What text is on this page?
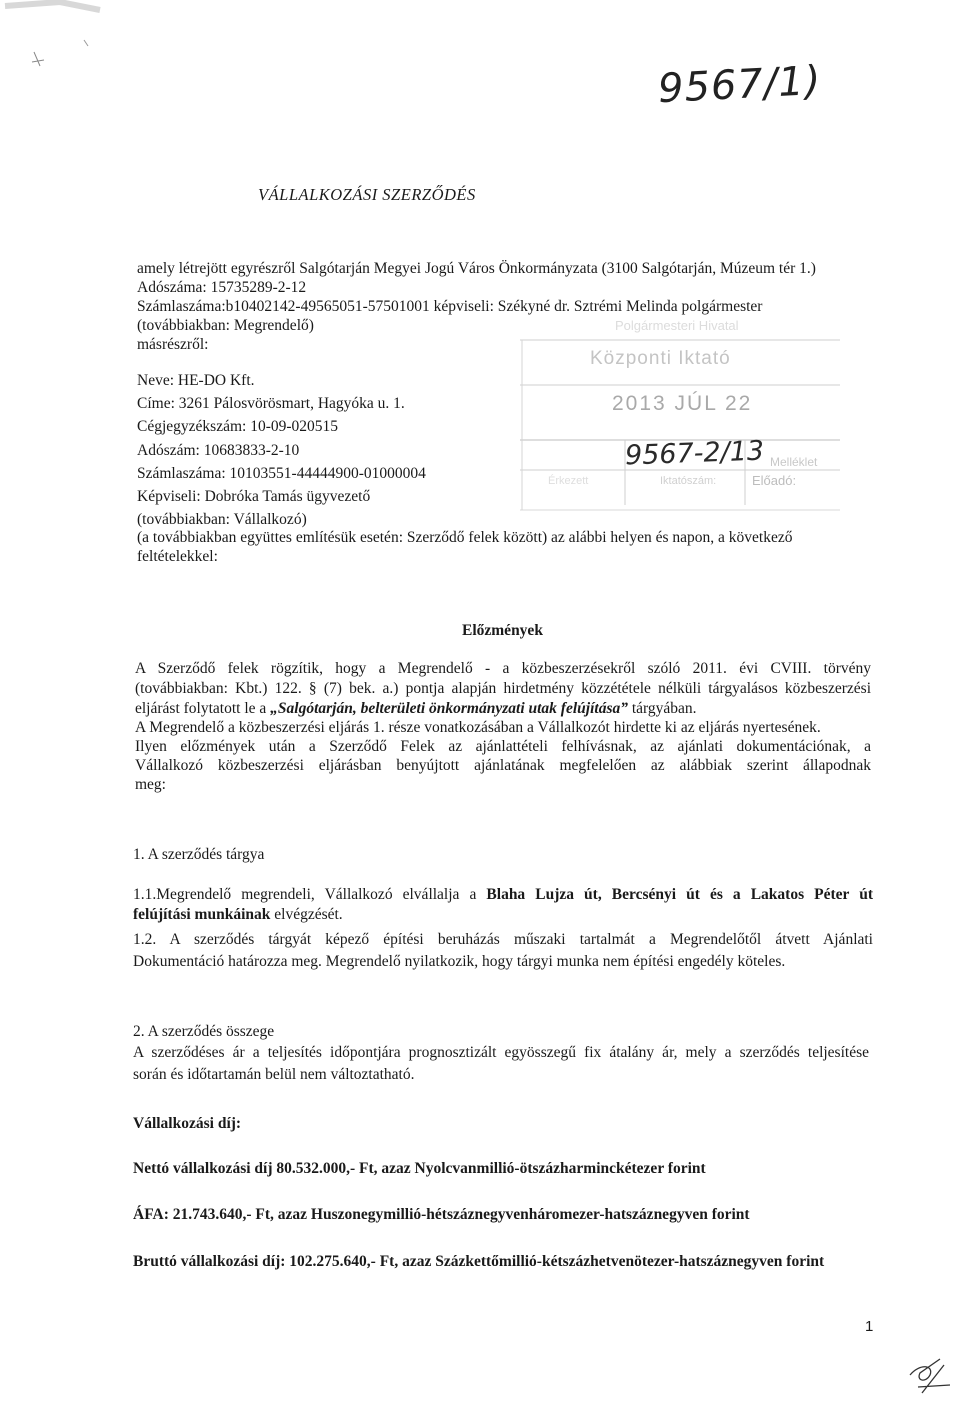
9567/1)
VÁLLALKOZÁSI SZERZŐDÉS
amely létrejött egyrészről Salgótarján Megyei Jogú Város Önkormányzata (3100 Salgótarján, Múzeum tér 1.)
Adószáma: 15735289-2-12
Számlaszáma:b10402142-49565051-57501001 képviseli: Székyné dr. Sztrémi Melinda polgármester
(továbbiakban: Megrendelő)
másrészről:
Neve: HE-DO Kft.
Címe: 3261 Pálosvörösmart, Hagyóka u. 1.
Cégjegyzékszám: 10-09-020515
Adószám: 10683833-2-10
Számlaszáma: 10103551-44444900-01000004
Képviseli: Dobróka Tamás ügyvezető
(továbbiakban: Vállalkozó)
(a továbbiakban együttes említésük esetén: Szerződő felek között) az alábbi helyen és napon, a következő
feltételekkel:
Polgármesteri Hivatal
Központi Iktató
2013 JÚL 22
9567-2/13 Melléklet
Érkezett	Iktatószám:	Előadó:
Előzmények
A Szerződő felek rögzítik, hogy a Megrendelő - a közbeszerzésekről szóló 2011. évi CVIII. törvény
(továbbiakban: Kbt.) 122. § (7) bek. a.) pontja alapján hirdetmény közzététele nélküli tárgyalásos közbeszerzési
eljárást folytatott le a „Salgótarján, belterületi önkormányzati utak felújítása” tárgyában.
A Megrendelő a közbeszerzési eljárás 1. része vonatkozásában a Vállalkozót hirdette ki az eljárás nyertesének.
Ilyen előzmények után a Szerződő Felek az ajánlattételi felhívásnak, az ajánlati dokumentációnak, a
Vállalkozó közbeszerzési eljárásban benyújtott ajánlatának megfelelően az alábbiak szerint állapodnak
meg:
1. A szerződés tárgya
1.1.Megrendelő megrendeli, Vállalkozó elvállalja a Blaha Lujza út, Bercsényi út és a Lakatos Péter út
felújítási munkáinak elvégzését.
1.2. A szerződés tárgyát képező építési beruházás műszaki tartalmát a Megrendelőtől átvett Ajánlati
Dokumentáció határozza meg. Megrendelő nyilatkozik, hogy tárgyi munka nem építési engedély köteles.
2. A szerződés összege
A szerződéses ár a teljesítés időpontjára prognosztizált egyösszegű fix átalány ár, mely a szerződés teljesítése
során és időtartamán belül nem változtatható.
Vállalkozási díj:
Nettó vállalkozási díj 80.532.000,- Ft, azaz Nyolcvanmillió-ötszázharminckétezer forint
ÁFA: 21.743.640,- Ft, azaz Huszonegymillió-hétszáznegyvenháromezer-hatszáznegyven forint
Bruttó vállalkozási díj: 102.275.640,- Ft, azaz Százkettőmillió-kétszázhetvenötezer-hatszáznegyven forint
1
